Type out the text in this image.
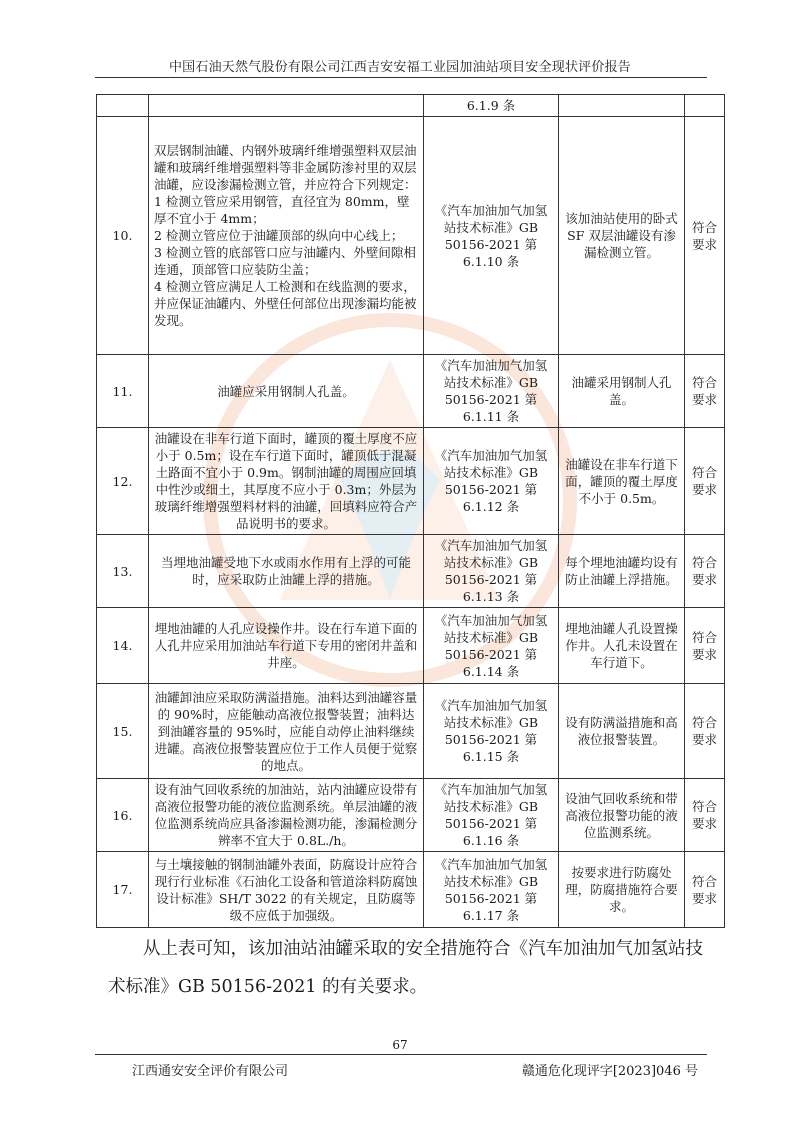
中国石油天然气股份有限公司江西吉安安福工业园加油站项目安全现状评价报告
		6.1.9 条		
10.	双层钢制油罐、内钢外玻璃纤维增强塑料双层油罐和玻璃纤维增强塑料等非金属防渗衬里的双层油罐，应设渗漏检测立管，并应符合下列规定：
1 检测立管应采用钢管，直径宜为 80mm，壁厚不宜小于 4mm；
2 检测立管应位于油罐顶部的纵向中心线上；
3 检测立管的底部管口应与油罐内、外壁间隙相连通，顶部管口应装防尘盖；
4 检测立管应满足人工检测和在线监测的要求，并应保证油罐内、外壁任何部位出现渗漏均能被发现。	《汽车加油加气加氢站技术标准》GB 50156-2021 第 6.1.10 条	该加油站使用的卧式 SF 双层油罐设有渗漏检测立管。	符合要求
11.	油罐应采用钢制人孔盖。	《汽车加油加气加氢站技术标准》GB 50156-2021 第 6.1.11 条	油罐采用钢制人孔盖。	符合要求
12.	油罐设在非车行道下面时，罐顶的覆土厚度不应小于 0.5m；设在车行道下面时，罐顶低于混凝土路面不宜小于 0.9m。钢制油罐的周围应回填中性沙或细土，其厚度不应小于 0.3m；外层为玻璃纤维增强塑料材料的油罐，回填料应符合产品说明书的要求。	《汽车加油加气加氢站技术标准》GB 50156-2021 第 6.1.12 条	油罐设在非车行道下面，罐顶的覆土厚度不小于 0.5m。	符合要求
13.	当埋地油罐受地下水或雨水作用有上浮的可能时，应采取防止油罐上浮的措施。	《汽车加油加气加氢站技术标准》GB 50156-2021 第 6.1.13 条	每个埋地油罐均设有防止油罐上浮措施。	符合要求
14.	埋地油罐的人孔应设操作井。设在行车道下面的人孔井应采用加油站车行道下专用的密闭井盖和井座。	《汽车加油加气加氢站技术标准》GB 50156-2021 第 6.1.14 条	埋地油罐人孔设置操作井。人孔未设置在车行道下。	符合要求
15.	油罐卸油应采取防满溢措施。油料达到油罐容量的 90%时，应能触动高液位报警装置；油料达到油罐容量的 95%时，应能自动停止油料继续进罐。高液位报警装置应位于工作人员便于觉察的地点。	《汽车加油加气加氢站技术标准》GB 50156-2021 第 6.1.15 条	设有防满溢措施和高液位报警装置。	符合要求
16.	设有油气回收系统的加油站，站内油罐应设带有高液位报警功能的液位监测系统。单层油罐的液位监测系统尚应具备渗漏检测功能，渗漏检测分辨率不宜大于 0.8L./h。	《汽车加油加气加氢站技术标准》GB 50156-2021 第 6.1.16 条	设油气回收系统和带高液位报警功能的液位监测系统。	符合要求
17.	与土壤接触的钢制油罐外表面，防腐设计应符合现行行业标准《石油化工设备和管道涂料防腐蚀设计标准》SH/T 3022 的有关规定，且防腐等级不应低于加强级。	《汽车加油加气加氢站技术标准》GB 50156-2021 第 6.1.17 条	按要求进行防腐处理，防腐措施符合要求。	符合要求

从上表可知，该加油站油罐采取的安全措施符合《汽车加油加气加氢站技术标准》GB 50156-2021 的有关要求。

67
江西通安安全评价有限公司	赣通危化现评字[2023]046 号
